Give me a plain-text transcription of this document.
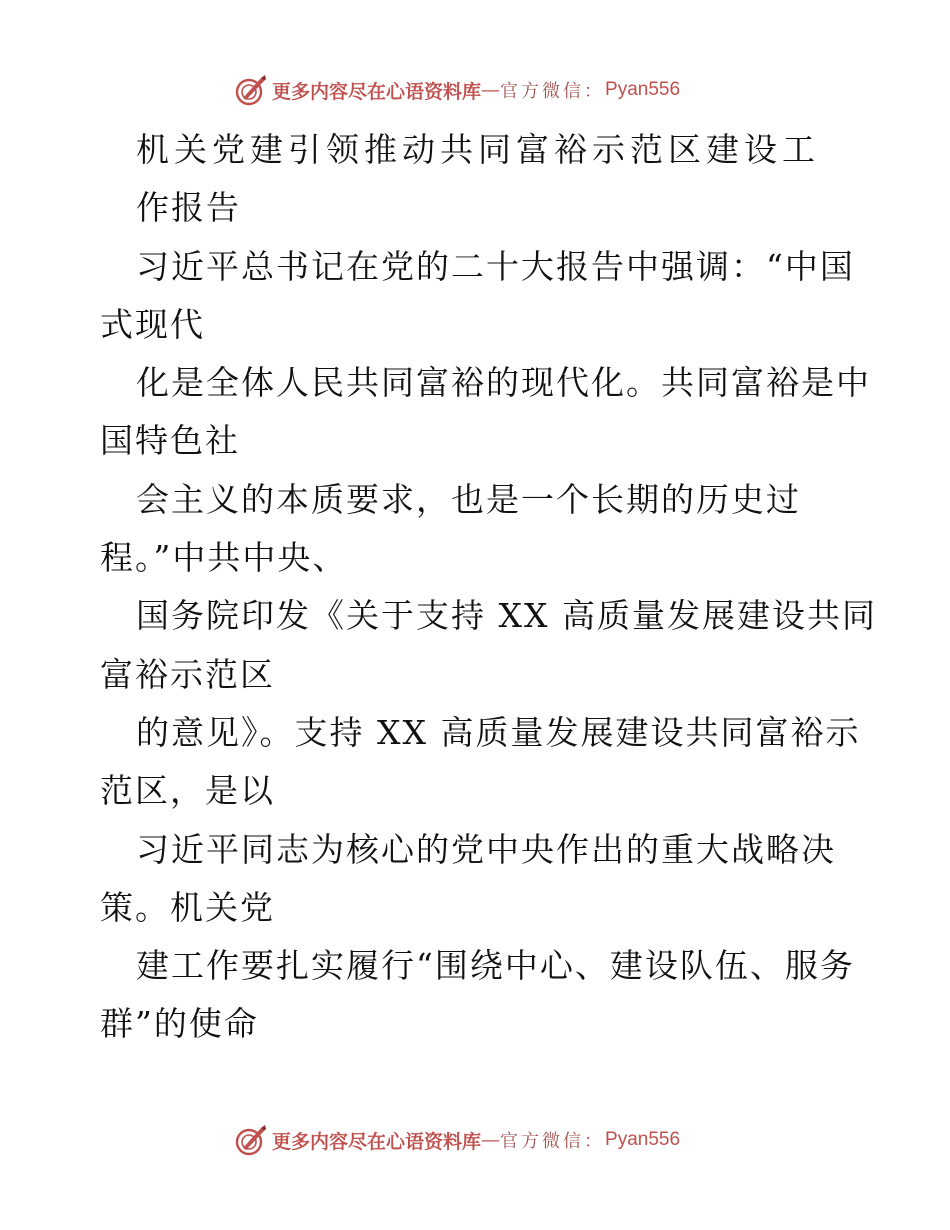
更多内容尽在心语资料库 — 官方微信： Pyan556
机关党建引领推动共同富裕示范区建设工
作报告
习近平总书记在党的二十大报告中强调：“中国
式现代
化是全体人民共同富裕的现代化。共同富裕是中
国特色社
会主义的本质要求，也是一个长期的历史过
程。”中共中央、
国务院印发《关于支持 XX 高质量发展建设共同
富裕示范区
的意见》。支持 XX 高质量发展建设共同富裕示
范区，是以
习近平同志为核心的党中央作出的重大战略决
策。机关党
建工作要扎实履行“围绕中心、建设队伍、服务
群”的使命
更多内容尽在心语资料库 — 官方微信： Pyan556
